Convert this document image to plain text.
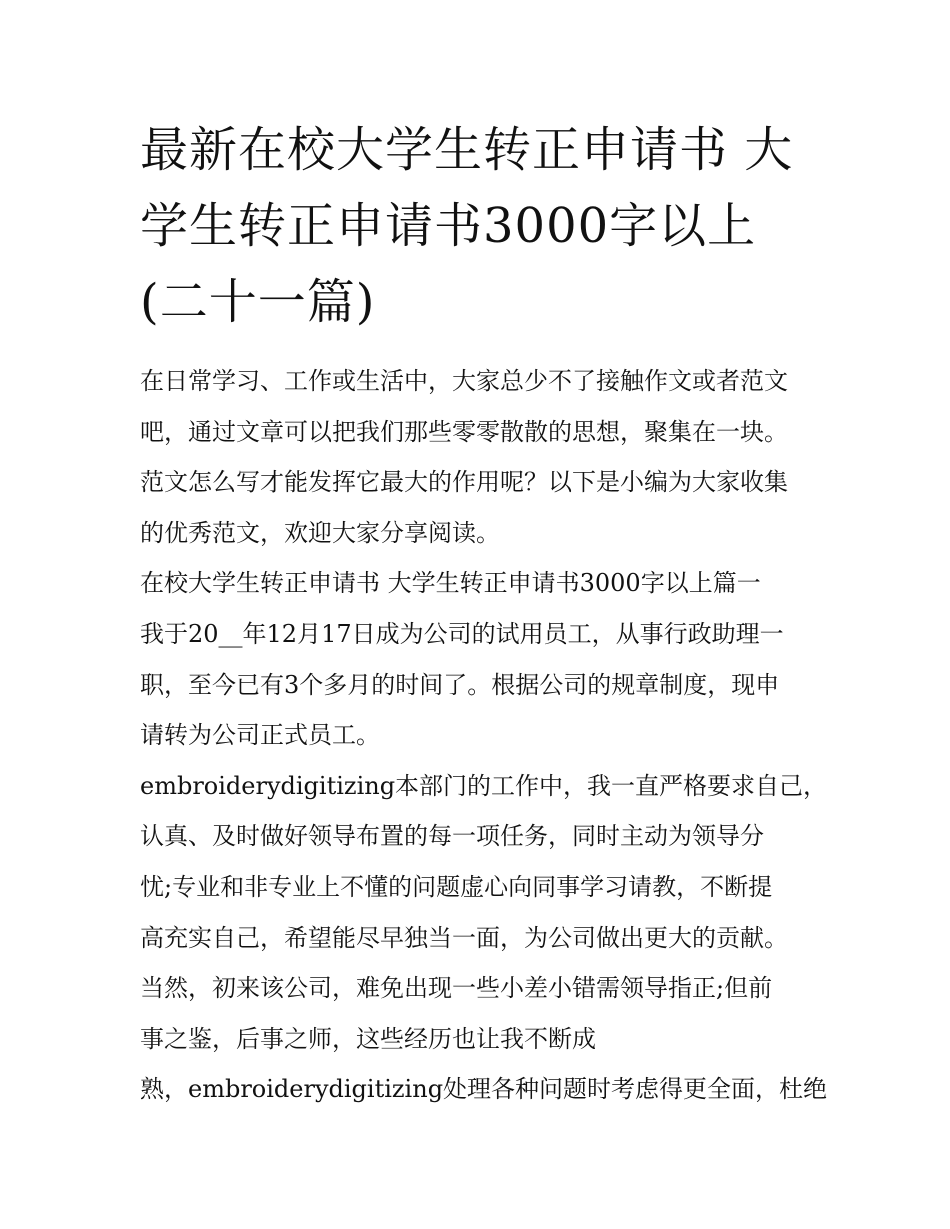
最新在校大学生转正申请书 大
学生转正申请书3000字以上
(二十一篇)

在日常学习、工作或生活中，大家总少不了接触作文或者范文
吧，通过文章可以把我们那些零零散散的思想，聚集在一块。
范文怎么写才能发挥它最大的作用呢？以下是小编为大家收集
的优秀范文，欢迎大家分享阅读。

在校大学生转正申请书 大学生转正申请书3000字以上篇一

我于20__年12月17日成为公司的试用员工，从事行政助理一
职，至今已有3个多月的时间了。根据公司的规章制度，现申
请转为公司正式员工。

embroiderydigitizing本部门的工作中，我一直严格要求自己，
认真、及时做好领导布置的每一项任务，同时主动为领导分
忧;专业和非专业上不懂的问题虚心向同事学习请教，不断提
高充实自己，希望能尽早独当一面，为公司做出更大的贡献。
当然，初来该公司，难免出现一些小差小错需领导指正;但前
事之鉴，后事之师，这些经历也让我不断成
熟，embroiderydigitizing处理各种问题时考虑得更全面，杜绝
